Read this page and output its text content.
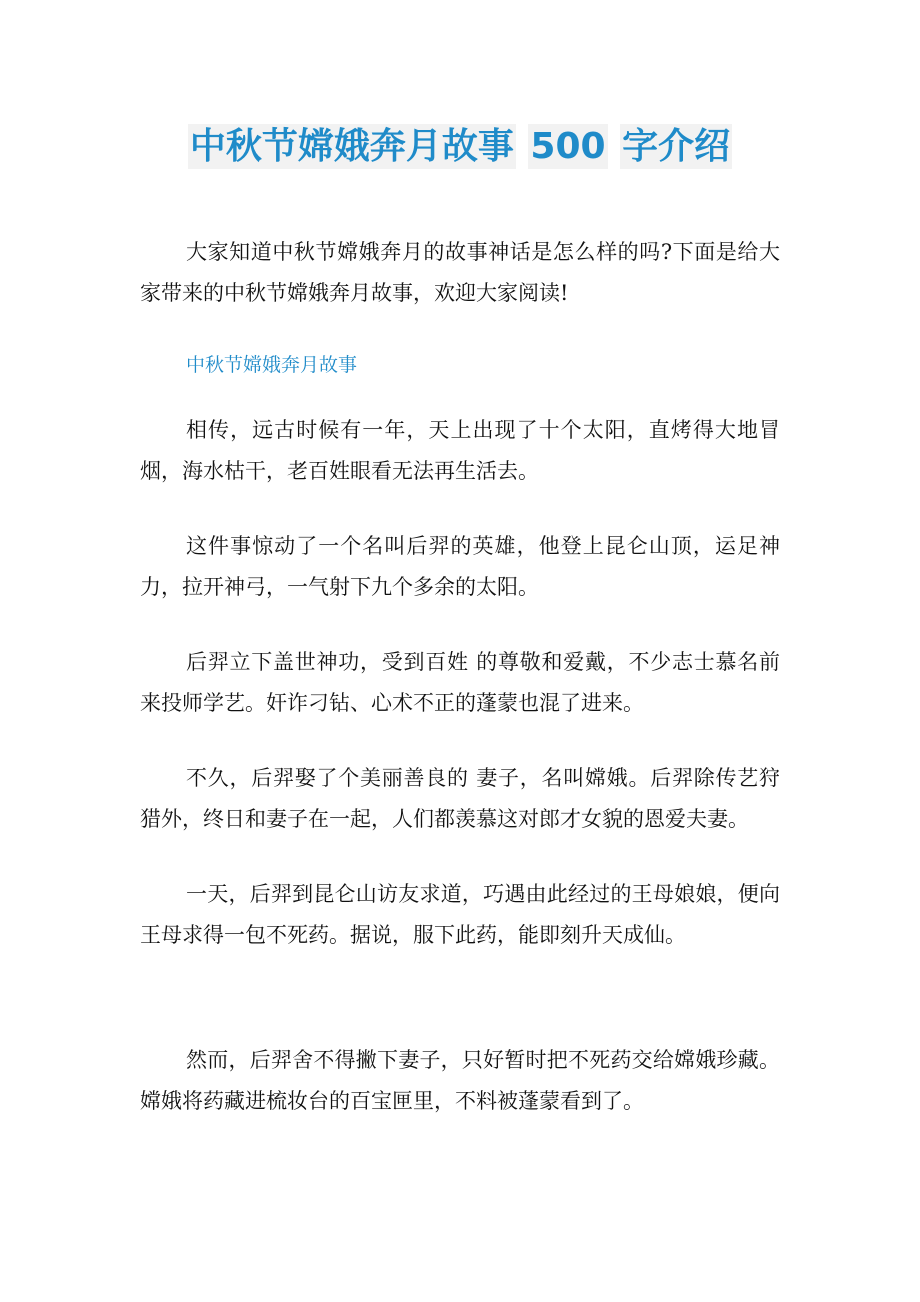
中秋节嫦娥奔月故事 500 字介绍

大家知道中秋节嫦娥奔月的故事神话是怎么样的吗?下面是给大家带来的中秋节嫦娥奔月故事，欢迎大家阅读!

中秋节嫦娥奔月故事

相传，远古时候有一年，天上出现了十个太阳，直烤得大地冒烟，海水枯干，老百姓眼看无法再生活去。

这件事惊动了一个名叫后羿的英雄，他登上昆仑山顶，运足神力，拉开神弓，一气射下九个多余的太阳。

后羿立下盖世神功，受到百姓 的尊敬和爱戴，不少志士慕名前来投师学艺。奸诈刁钻、心术不正的蓬蒙也混了进来。

不久，后羿娶了个美丽善良的 妻子，名叫嫦娥。后羿除传艺狩猎外，终日和妻子在一起，人们都羡慕这对郎才女貌的恩爱夫妻。

一天，后羿到昆仑山访友求道，巧遇由此经过的王母娘娘，便向王母求得一包不死药。据说，服下此药，能即刻升天成仙。

然而，后羿舍不得撇下妻子，只好暂时把不死药交给嫦娥珍藏。嫦娥将药藏进梳妆台的百宝匣里，不料被蓬蒙看到了。
